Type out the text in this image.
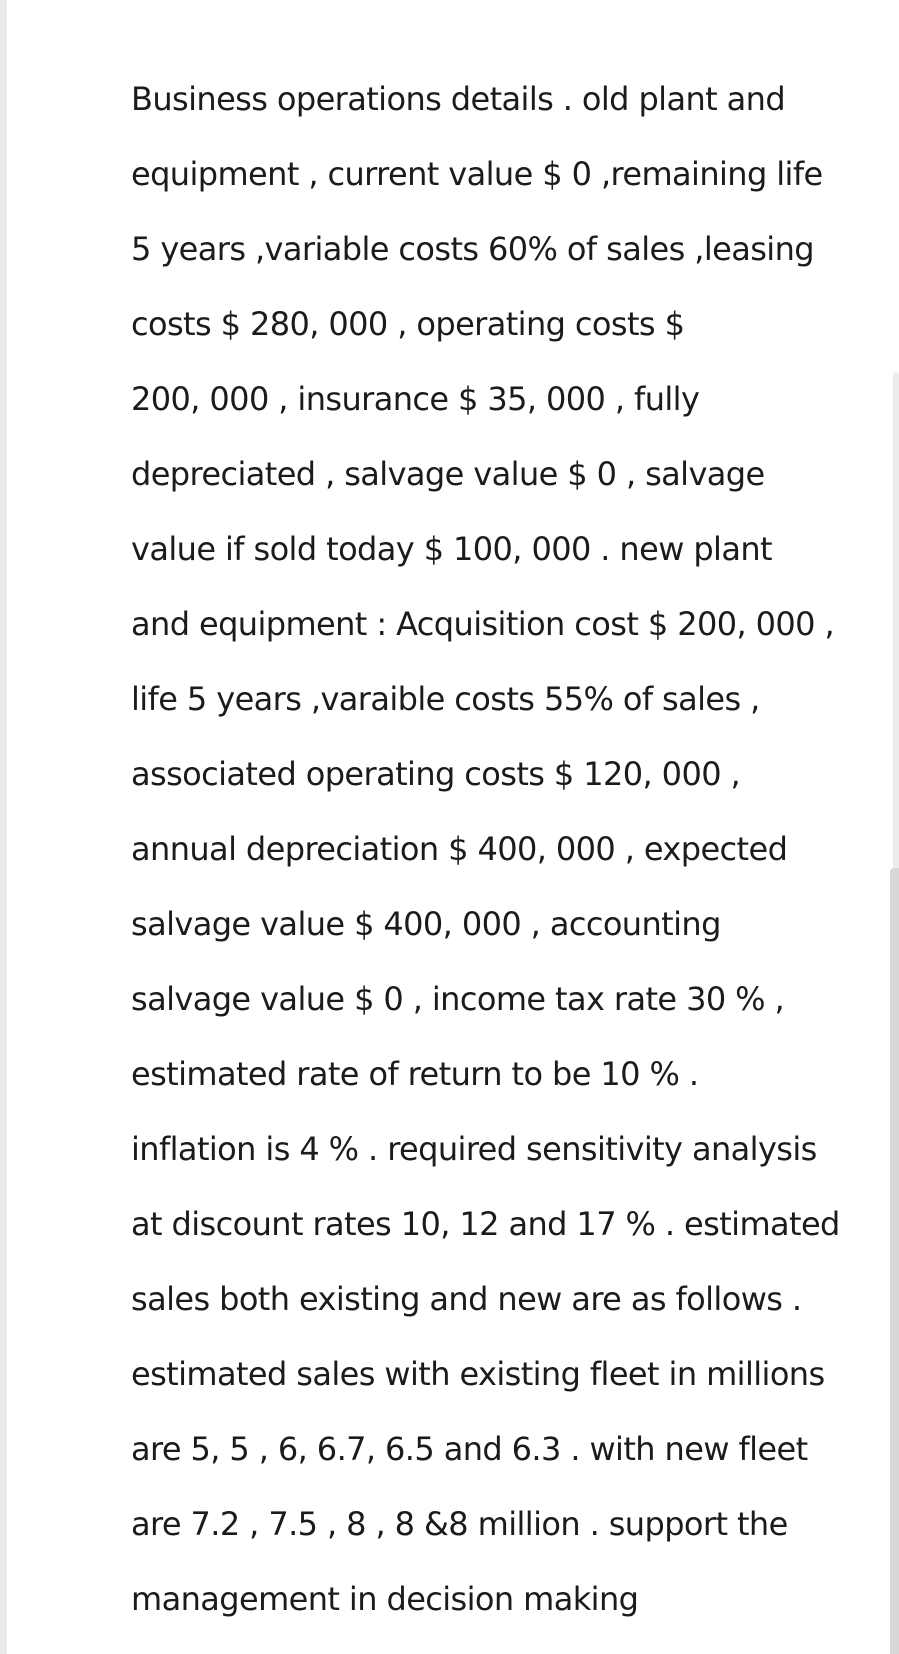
Business operations details . old plant and
equipment , current value $ 0 ,remaining life
5 years ,variable costs 60% of sales ,leasing
costs $ 280, 000 , operating costs $
200, 000 , insurance $ 35, 000 , fully
depreciated , salvage value $ 0 , salvage
value if sold today $ 100, 000 . new plant
and equipment : Acquisition cost $ 200, 000 ,
life 5 years ,varaible costs 55% of sales ,
associated operating costs $ 120, 000 ,
annual depreciation $ 400, 000 , expected
salvage value $ 400, 000 , accounting
salvage value $ 0 , income tax rate 30 % ,
estimated rate of return to be 10 % .
inflation is 4 % . required sensitivity analysis
at discount rates 10, 12 and 17 % . estimated
sales both existing and new are as follows .
estimated sales with existing fleet in millions
are 5, 5 , 6, 6.7, 6.5 and 6.3 . with new fleet
are 7.2 , 7.5 , 8 , 8 &8 million . support the
management in decision making
